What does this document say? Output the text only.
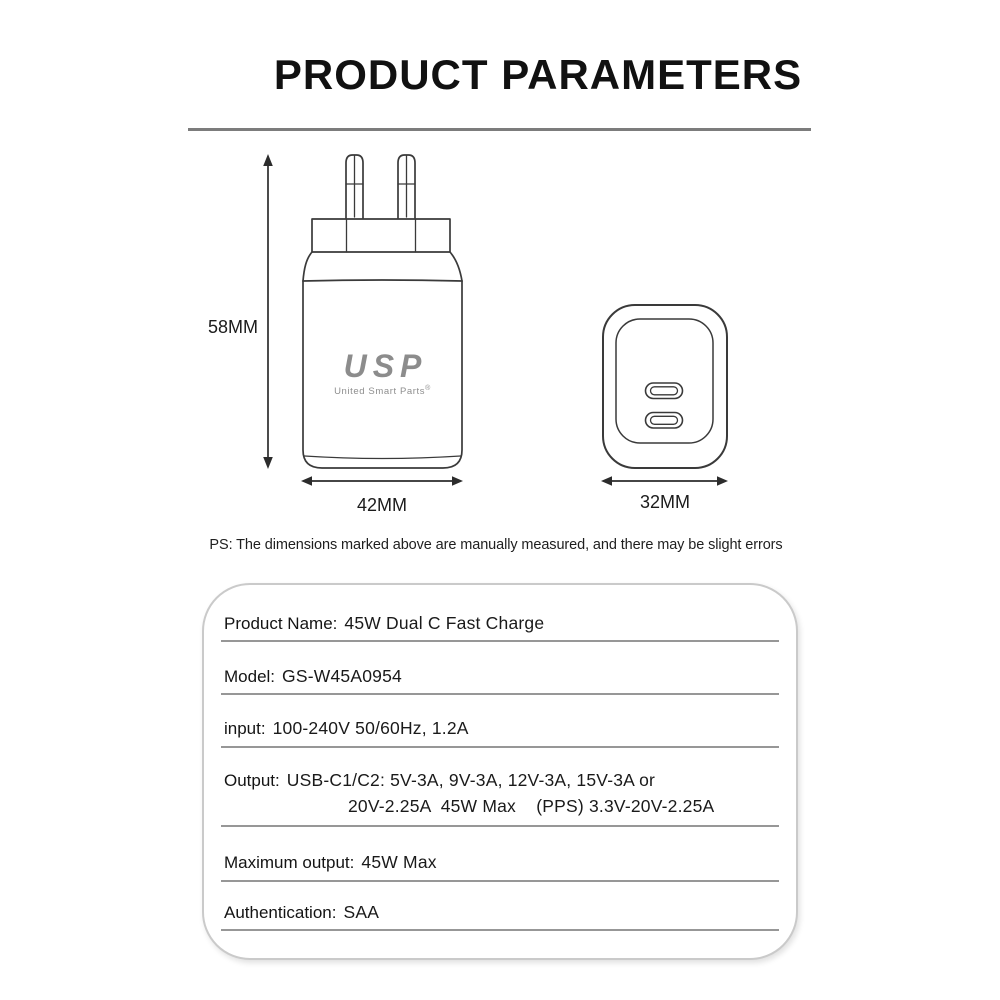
PRODUCT PARAMETERS
58MM
42MM	32MM
USP
United Smart Parts®
PS: The dimensions marked above are manually measured, and there may be slight errors
Product Name: 45W Dual C Fast Charge
Model: GS-W45A0954
input: 100-240V 50/60Hz, 1.2A
Output: USB-C1/C2: 5V-3A, 9V-3A, 12V-3A, 15V-3A or
20V-2.25A  45W Max    (PPS) 3.3V-20V-2.25A
Maximum output: 45W Max
Authentication: SAA
